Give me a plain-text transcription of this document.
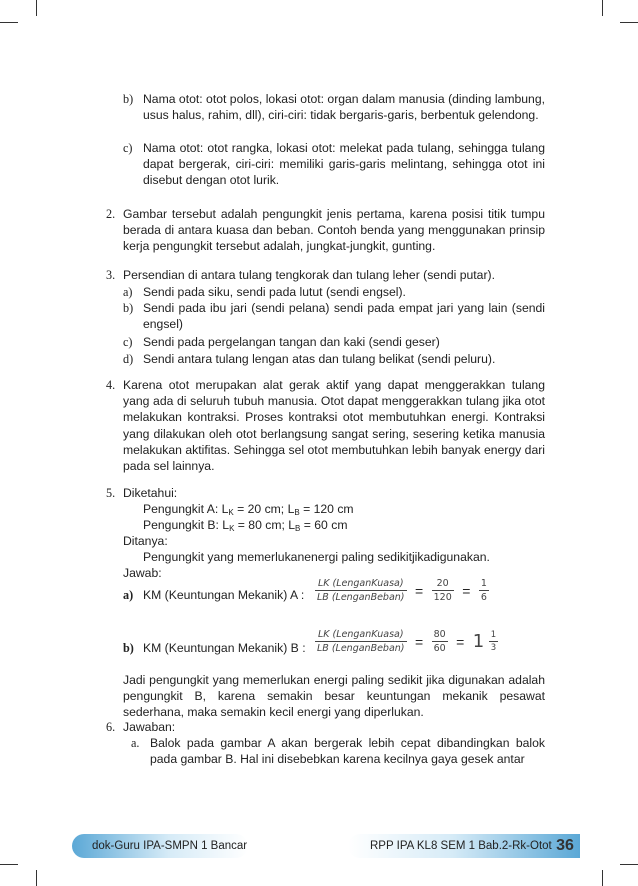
b) Nama otot: otot polos, lokasi otot: organ dalam manusia (dinding lambung, usus halus, rahim, dll), ciri-ciri: tidak bergaris-garis, berbentuk gelendong.
c) Nama otot: otot rangka, lokasi otot: melekat pada tulang, sehingga tulang dapat bergerak, ciri-ciri: memiliki garis-garis melintang, sehingga otot ini disebut dengan otot lurik.
2. Gambar tersebut adalah pengungkit jenis pertama, karena posisi titik tumpu berada di antara kuasa dan beban. Contoh benda yang menggunakan prinsip kerja pengungkit tersebut adalah, jungkat-jungkit, gunting.
3. Persendian di antara tulang tengkorak dan tulang leher (sendi putar).
a) Sendi pada siku, sendi pada lutut (sendi engsel).
b) Sendi pada ibu jari (sendi pelana) sendi pada empat jari yang lain (sendi engsel)
c) Sendi pada pergelangan tangan dan kaki (sendi geser)
d) Sendi antara tulang lengan atas dan tulang belikat (sendi peluru).
4. Karena otot merupakan alat gerak aktif yang dapat menggerakkan tulang yang ada di seluruh tubuh manusia. Otot dapat menggerakkan tulang jika otot melakukan kontraksi. Proses kontraksi otot membutuhkan energi. Kontraksi yang dilakukan oleh otot berlangsung sangat sering, sesering ketika manusia melakukan aktifitas. Sehingga sel otot membutuhkan lebih banyak energy dari pada sel lainnya.
5. Diketahui:
Pengungkit A: $L_K = 20$ cm; $L_B = 120$ cm
Pengungkit B: $L_K = 80$ cm; $L_B = 60$ cm
Ditanya:
Pengungkit yang memerlukanenergi paling sedikitjikadigunakan.
Jawab:
a) KM (Keuntungan Mekanik) A : $\frac{\text{LK (LenganKuasa)}}{\text{LB (LenganBeban)}} = \frac{20}{120} = \frac{1}{6}$
b) KM (Keuntungan Mekanik) B : $\frac{\text{LK (LenganKuasa)}}{\text{LB (LenganBeban)}} = \frac{80}{60} = 1 \frac{1}{3}$
Jadi pengungkit yang memerlukan energi paling sedikit jika digunakan adalah pengungkit B, karena semakin besar keuntungan mekanik pesawat sederhana, maka semakin kecil energi yang diperlukan.
6. Jawaban:
a. Balok pada gambar A akan bergerak lebih cepat dibandingkan balok pada gambar B. Hal ini disebebkan karena kecilnya gaya gesek antar
dok-Guru IPA-SMPN 1 Bancar	RPP IPA KL8 SEM 1 Bab.2-Rk-Otot 36
